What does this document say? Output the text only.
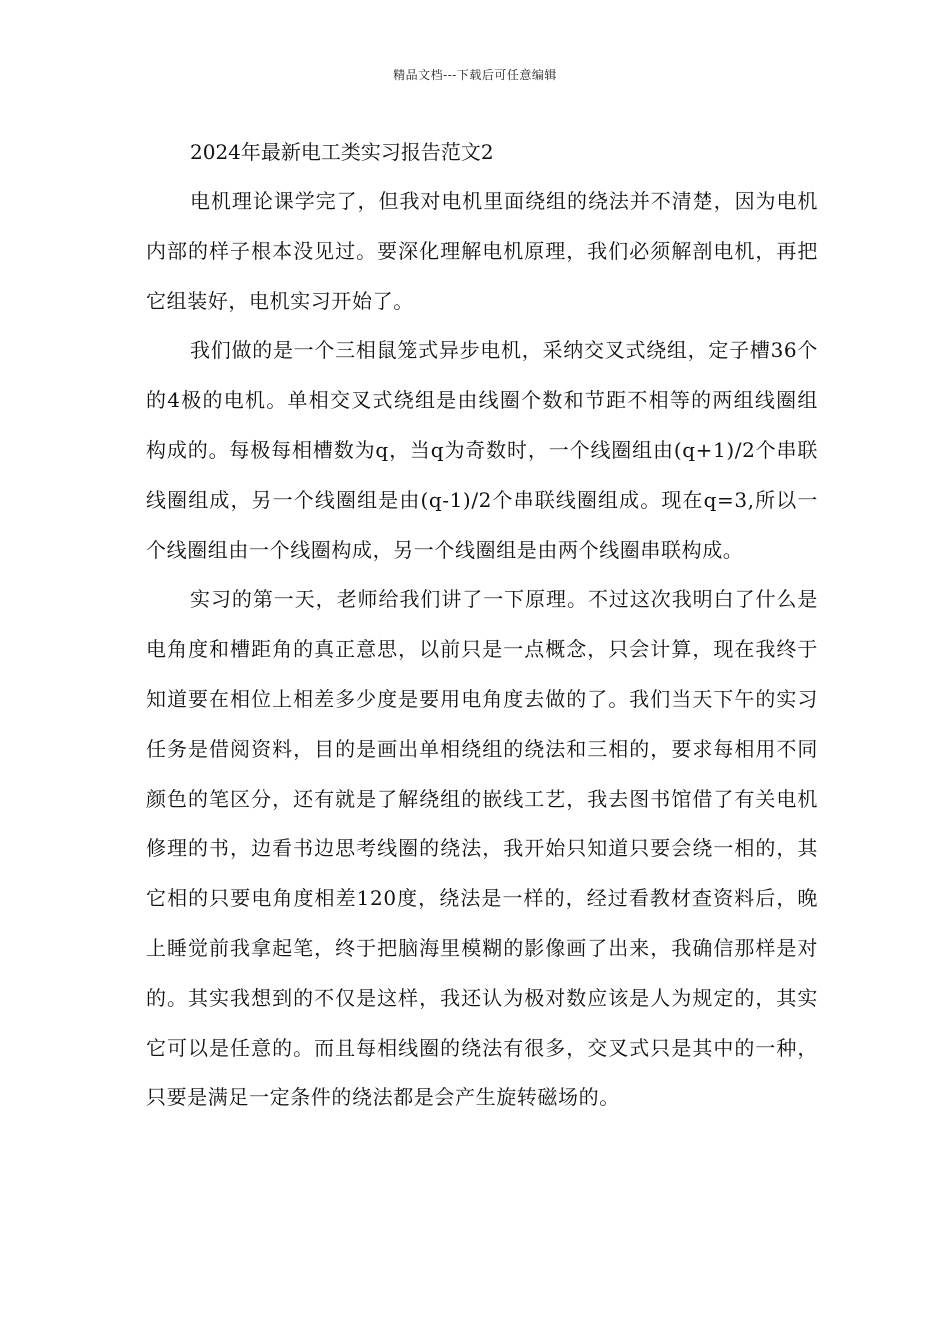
精品文档---下载后可任意编辑
2024年最新电工类实习报告范文2

电机理论课学完了，但我对电机里面绕组的绕法并不清楚，因为电机内部的样子根本没见过。要深化理解电机原理，我们必须解剖电机，再把它组装好，电机实习开始了。

我们做的是一个三相鼠笼式异步电机，采纳交叉式绕组，定子槽36个的4极的电机。单相交叉式绕组是由线圈个数和节距不相等的两组线圈组构成的。每极每相槽数为q，当q为奇数时，一个线圈组由(q+1)/2个串联线圈组成，另一个线圈组是由(q-1)/2个串联线圈组成。现在q=3,所以一个线圈组由一个线圈构成，另一个线圈组是由两个线圈串联构成。

实习的第一天，老师给我们讲了一下原理。不过这次我明白了什么是电角度和槽距角的真正意思，以前只是一点概念，只会计算，现在我终于知道要在相位上相差多少度是要用电角度去做的了。我们当天下午的实习任务是借阅资料，目的是画出单相绕组的绕法和三相的，要求每相用不同颜色的笔区分，还有就是了解绕组的嵌线工艺，我去图书馆借了有关电机修理的书，边看书边思考线圈的绕法，我开始只知道只要会绕一相的，其它相的只要电角度相差120度，绕法是一样的，经过看教材查资料后，晚上睡觉前我拿起笔，终于把脑海里模糊的影像画了出来，我确信那样是对的。其实我想到的不仅是这样，我还认为极对数应该是人为规定的，其实它可以是任意的。而且每相线圈的绕法有很多，交叉式只是其中的一种，只要是满足一定条件的绕法都是会产生旋转磁场的。
